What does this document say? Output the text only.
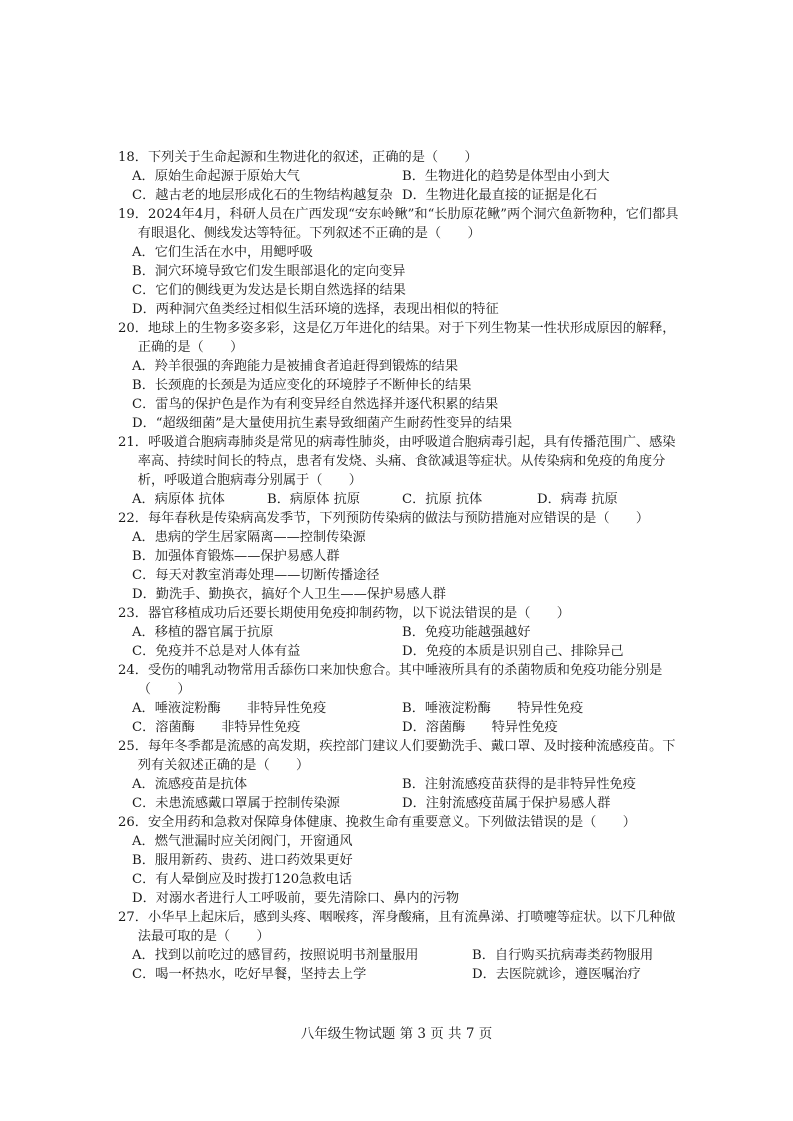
18．下列关于生命起源和生物进化的叙述，正确的是（　　）
A．原始生命起源于原始大气	B．生物进化的趋势是体型由小到大
C．越古老的地层形成化石的生物结构越复杂 D．生物进化最直接的证据是化石
19．2024年4月，科研人员在广西发现“安东岭鳅”和“长肋原花鳅”两个洞穴鱼新物种，它们都具有眼退化、侧线发达等特征。下列叙述不正确的是（　　）
A．它们生活在水中，用鳃呼吸
B．洞穴环境导致它们发生眼部退化的定向变异
C．它们的侧线更为发达是长期自然选择的结果
D．两种洞穴鱼类经过相似生活环境的选择，表现出相似的特征
20．地球上的生物多姿多彩，这是亿万年进化的结果。对于下列生物某一性状形成原因的解释，正确的是（　　）
A．羚羊很强的奔跑能力是被捕食者追赶得到锻炼的结果
B．长颈鹿的长颈是为适应变化的环境脖子不断伸长的结果
C．雷鸟的保护色是作为有利变异经自然选择并逐代积累的结果
D．“超级细菌”是大量使用抗生素导致细菌产生耐药性变异的结果
21．呼吸道合胞病毒肺炎是常见的病毒性肺炎，由呼吸道合胞病毒引起，具有传播范围广、感染率高、持续时间长的特点，患者有发烧、头痛、食欲减退等症状。从传染病和免疫的角度分析，呼吸道合胞病毒分别属于（　　）
A．病原体 抗体	B．病原体 抗原	C．抗原 抗体	D．病毒 抗原
22．每年春秋是传染病高发季节，下列预防传染病的做法与预防措施对应错误的是（　　）
A．患病的学生居家隔离——控制传染源
B．加强体育锻炼——保护易感人群
C．每天对教室消毒处理——切断传播途径
D．勤洗手、勤换衣，搞好个人卫生——保护易感人群
23．器官移植成功后还要长期使用免疫抑制药物，以下说法错误的是（　　）
A．移植的器官属于抗原	B．免疫功能越强越好
C．免疫并不总是对人体有益	D．免疫的本质是识别自己、排除异己
24．受伤的哺乳动物常用舌舔伤口来加快愈合。其中唾液所具有的杀菌物质和免疫功能分别是（　　）
A．唾液淀粉酶　　非特异性免疫	B．唾液淀粉酶　　特异性免疫
C．溶菌酶　　非特异性免疫	D．溶菌酶　　特异性免疫
25．每年冬季都是流感的高发期，疾控部门建议人们要勤洗手、戴口罩、及时接种流感疫苗。下列有关叙述正确的是（　　）
A．流感疫苗是抗体	B．注射流感疫苗获得的是非特异性免疫
C．未患流感戴口罩属于控制传染源	D．注射流感疫苗属于保护易感人群
26．安全用药和急救对保障身体健康、挽救生命有重要意义。下列做法错误的是（　　）
A．燃气泄漏时应关闭阀门，开窗通风
B．服用新药、贵药、进口药效果更好
C．有人晕倒应及时拨打120急救电话
D．对溺水者进行人工呼吸前，要先清除口、鼻内的污物
27．小华早上起床后，感到头疼、咽喉疼，浑身酸痛，且有流鼻涕、打喷嚏等症状。以下几种做法最可取的是（　　）
A．找到以前吃过的感冒药，按照说明书剂量服用	B．自行购买抗病毒类药物服用
C．喝一杯热水，吃好早餐，坚持去上学	D．去医院就诊，遵医嘱治疗
八年级生物试题 第 3 页 共 7 页
